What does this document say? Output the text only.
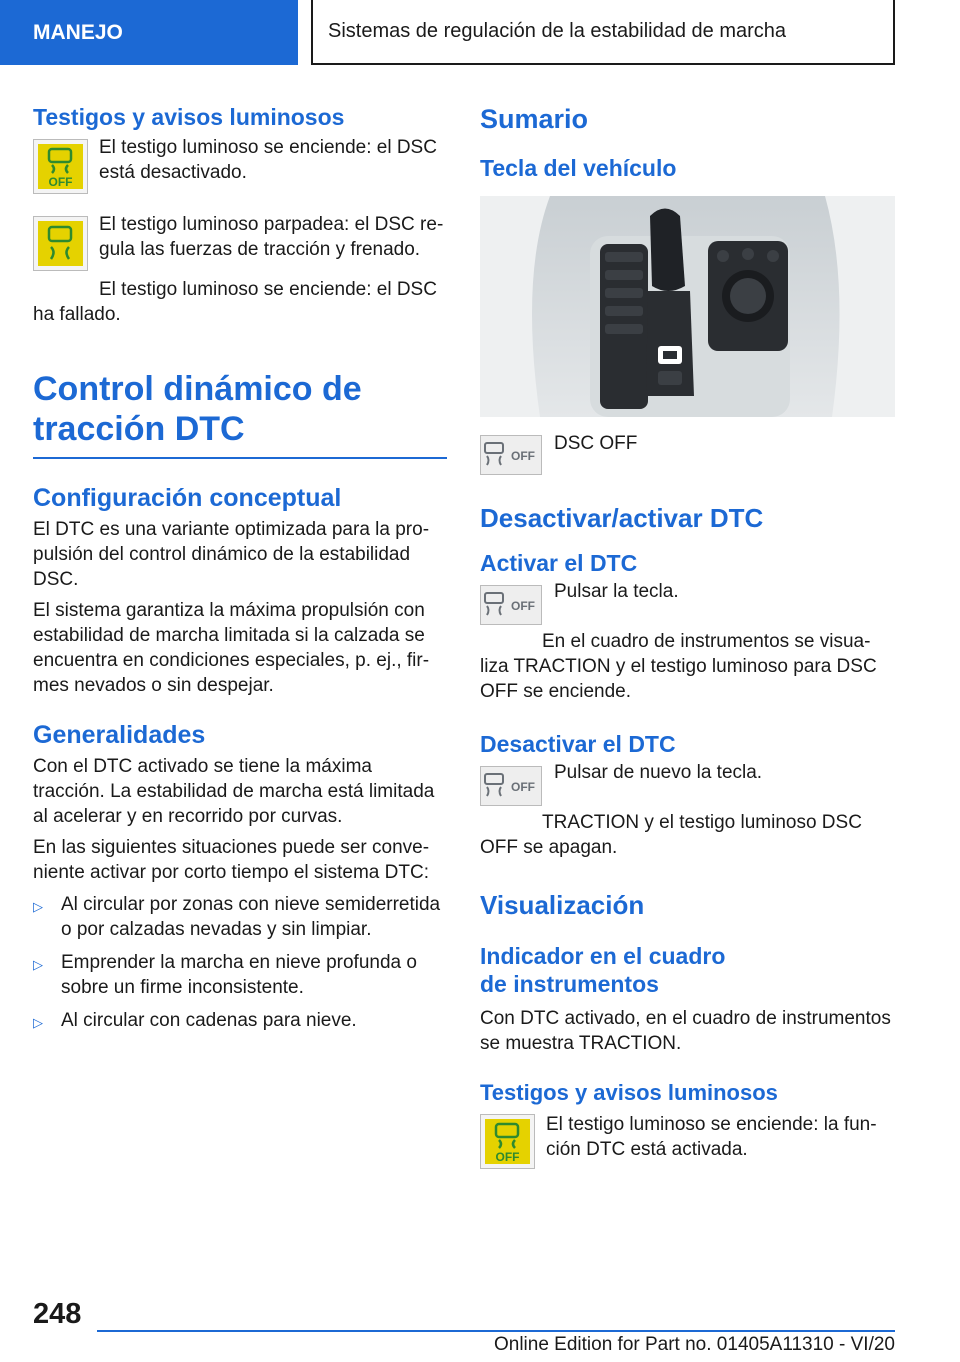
MANEJO	Sistemas de regulación de la estabilidad de marcha
Testigos y avisos luminosos
OFF

El testigo luminoso se enciende: el DSC está desactivado.

El testigo luminoso parpadea: el DSC re-gula las fuerzas de tracción y frenado.

El testigo luminoso se enciende: el DSC ha fallado.

Control dinámico de
tracción DTC
Configuración conceptual

El DTC es una variante optimizada para la pro-pulsión del control dinámico de la estabilidad DSC.

El sistema garantiza la máxima propulsión con estabilidad de marcha limitada si la calzada se encuentra en condiciones especiales, p. ej., fir-mes nevados o sin despejar.

Generalidades

Con el DTC activado se tiene la máxima tracción. La estabilidad de marcha está limitada al acelerar y en recorrido por curvas.

En las siguientes situaciones puede ser conve-niente activar por corto tiempo el sistema DTC:

▷ Al circular por zonas con nieve semiderretida o por calzadas nevadas y sin limpiar.
▷ Emprender la marcha en nieve profunda o sobre un firme inconsistente.
▷ Al circular con cadenas para nieve.
Sumario
Tecla del vehículo
OFF

DSC OFF

Desactivar/activar DTC
Activar el DTC
OFF

Pulsar la tecla.

En el cuadro de instrumentos se visua-liza TRACTION y el testigo luminoso para DSC OFF se enciende.

Desactivar el DTC
OFF

Pulsar de nuevo la tecla.

TRACTION y el testigo luminoso DSC OFF se apagan.

Visualización
Indicador en el cuadro
de instrumentos

Con DTC activado, en el cuadro de instrumentos se muestra TRACTION.

Testigos y avisos luminosos
OFF

El testigo luminoso se enciende: la fun-ción DTC está activada.

248
Online Edition for Part no. 01405A11310 - VI/20
